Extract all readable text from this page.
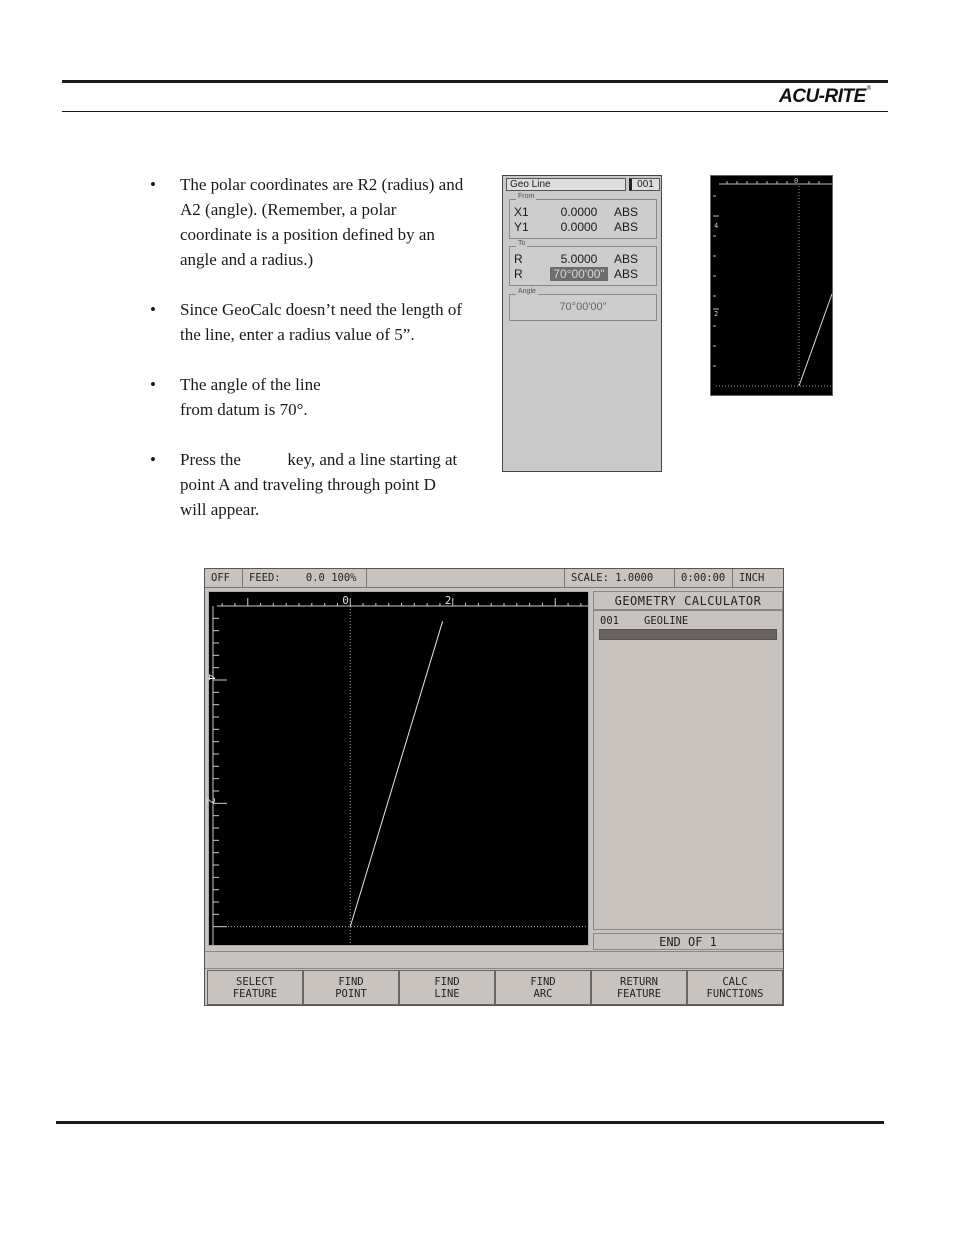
ACU-RITE®
•	The polar coordinates are R2 (radius) and A2 (angle). (Remember, a polar coordinate is a position defined by an angle and a radius.)
•	Since GeoCalc doesn’t need the length of the line, enter a radius value of 5”.
•	The angle of the line
from datum is 70°.
•	Press the	key, and a line starting at point A and traveling through point D will appear.
Geo Line	001
From
X1	0.0000	ABS
Y1	0.0000	ABS
To
R	5.0000	ABS
R	70°00'00" ABS
Angle
70°00'00"
0
4
2
OFF	FEED: 0.0 100%	SCALE: 1.0000	0:00:00	INCH
0	2
4
2
GEOMETRY CALCULATOR
001 GEOLINE
END OF 1
SELECT
FEATURE
FIND
POINT
FIND
LINE
FIND
ARC
RETURN
FEATURE
CALC
FUNCTIONS
